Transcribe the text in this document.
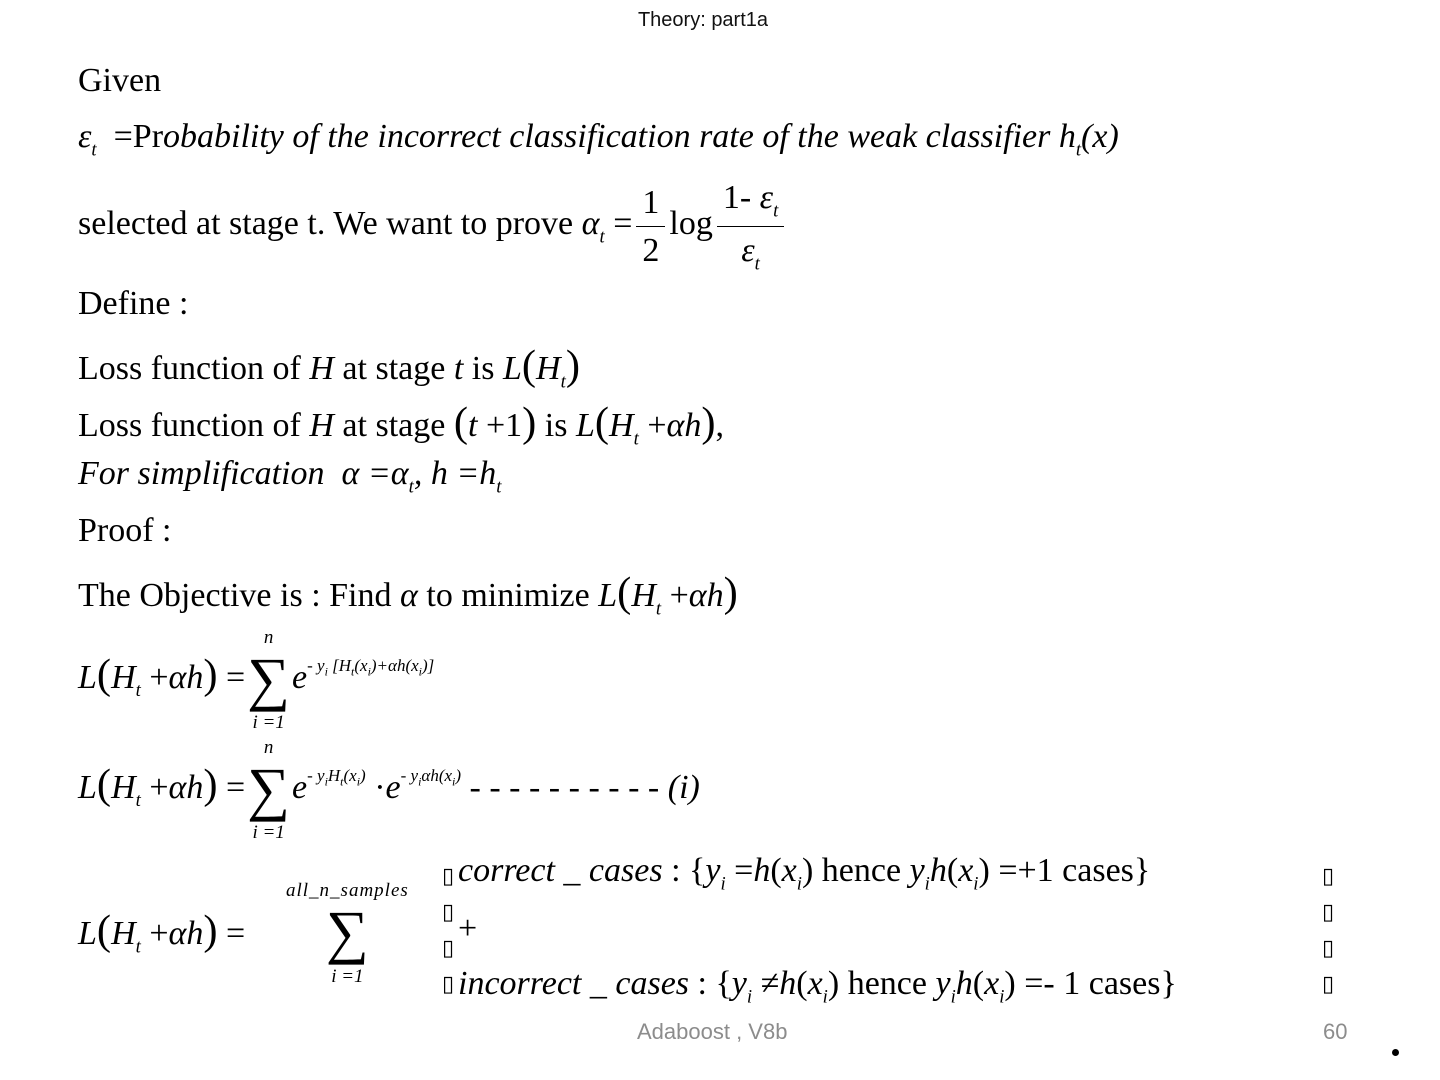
Theory: part1a
Given
$\varepsilon_t$ =Probability of the incorrect classification rate of the weak classifier $h_t(x)$
selected at stage t. We want to prove $\alpha_t = \frac{1}{2}$ $\log \frac{1- \varepsilon_t}{\varepsilon_t}$
Define :
Loss function of H at stage t is $L(H_t)$
Loss function of H at stage (t +1) is $L(H_t +\alpha h)$,
For simplification  $\alpha =\alpha_t$, $h =h_t$
Proof :
The Objective is : Find α to minimize $L(H_t +\alpha h)$
$L(H_t +\alpha h)$ =
n
∑
i =1
$e^{- y_i [H_t(x_i)+\alpha h(x_i)]}$
$L(H_t +\alpha h)$ =
n
∑
i =1
$e^{- y_iH_t(x_i)} \cdot e^{- y_i\alpha h(x_i)}$ - - - - - - - - - - (i)
$L(H_t +\alpha h)$ =
all_n_samples
∑
i =1
▯
▯
▯
▯
correct _ cases : {$y_i =h(x_i)$ hence $y_ih(x_i) =+1$ cases}
+
incorrect _ cases : {$y_i \ne h(x_i)$ hence $y_ih(x_i) =- 1$ cases}
▯
▯
▯
▯
Adaboost , V8b	60
